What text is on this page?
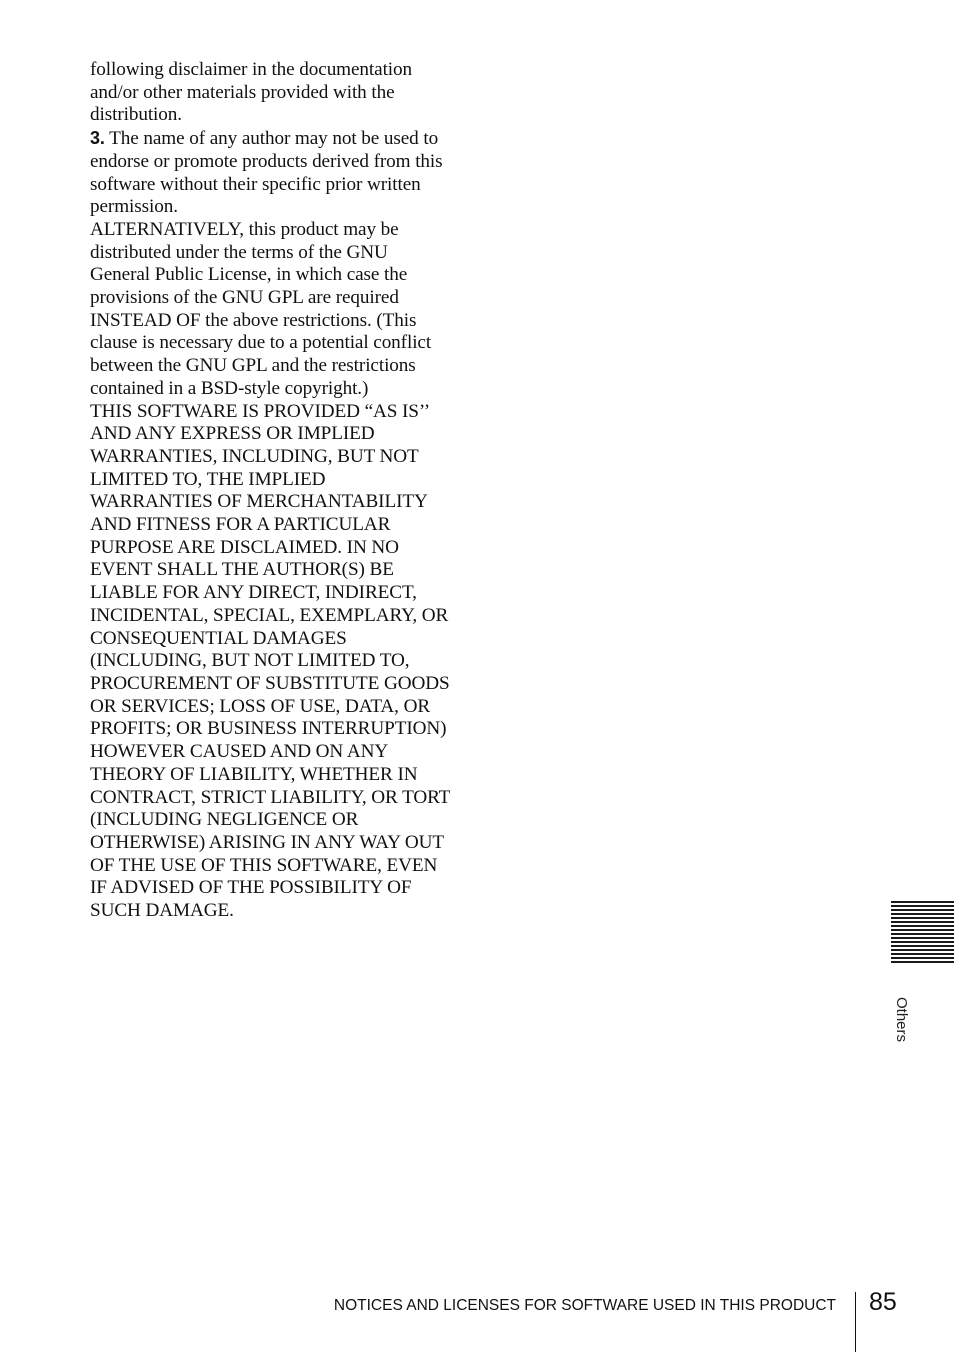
following disclaimer in the documentation and/or other materials provided with the distribution.

3. The name of any author may not be used to endorse or promote products derived from this software without their specific prior written permission.

ALTERNATIVELY, this product may be distributed under the terms of the GNU General Public License, in which case the provisions of the GNU GPL are required INSTEAD OF the above restrictions. (This clause is necessary due to a potential conflict between the GNU GPL and the restrictions contained in a BSD-style copyright.)

THIS SOFTWARE IS PROVIDED “AS IS’’ AND ANY EXPRESS OR IMPLIED WARRANTIES, INCLUDING, BUT NOT LIMITED TO, THE IMPLIED WARRANTIES OF MERCHANTABILITY AND FITNESS FOR A PARTICULAR PURPOSE ARE DISCLAIMED. IN NO EVENT SHALL THE AUTHOR(S) BE LIABLE FOR ANY DIRECT, INDIRECT, INCIDENTAL, SPECIAL, EXEMPLARY, OR CONSEQUENTIAL DAMAGES (INCLUDING, BUT NOT LIMITED TO, PROCUREMENT OF SUBSTITUTE GOODS OR SERVICES; LOSS OF USE, DATA, OR PROFITS; OR BUSINESS INTERRUPTION) HOWEVER CAUSED AND ON ANY THEORY OF LIABILITY, WHETHER IN CONTRACT, STRICT LIABILITY, OR TORT (INCLUDING NEGLIGENCE OR OTHERWISE) ARISING IN ANY WAY OUT OF THE USE OF THIS SOFTWARE, EVEN IF ADVISED OF THE POSSIBILITY OF SUCH DAMAGE.

Others
NOTICES AND LICENSES FOR SOFTWARE USED IN THIS PRODUCT 85
